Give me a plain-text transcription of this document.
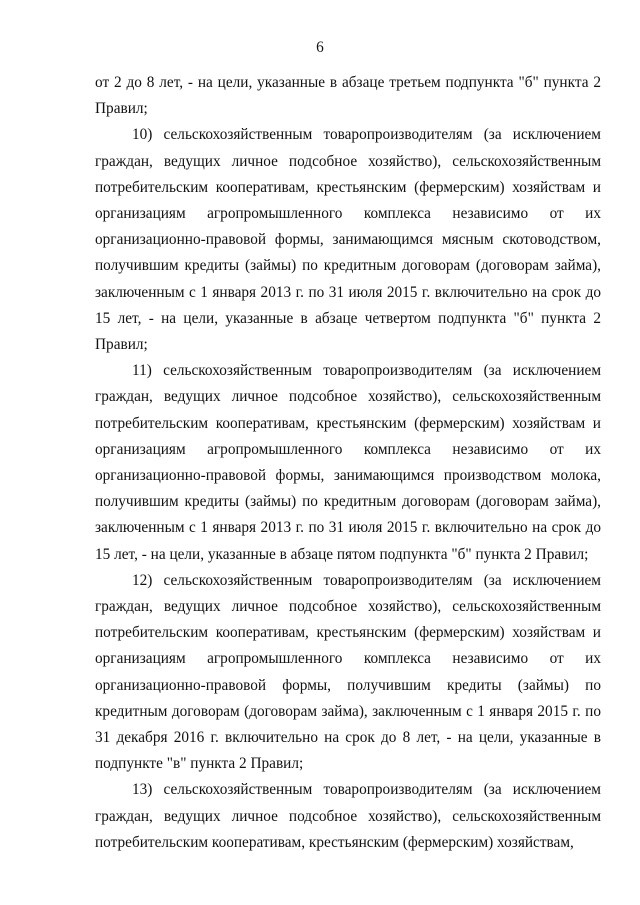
6
от 2 до 8 лет, - на цели, указанные в абзаце третьем подпункта "б" пункта 2
Правил;
10) сельскохозяйственным товаропроизводителям (за исключением
граждан, ведущих личное подсобное хозяйство), сельскохозяйственным
потребительским кооперативам, крестьянским (фермерским) хозяйствам и
организациям агропромышленного комплекса независимо от их
организационно-правовой формы, занимающимся мясным скотоводством,
получившим кредиты (займы) по кредитным договорам (договорам займа),
заключенным с 1 января 2013 г. по 31 июля 2015 г. включительно на срок до
15 лет, - на цели, указанные в абзаце четвертом подпункта "б" пункта 2
Правил;
11) сельскохозяйственным товаропроизводителям (за исключением
граждан, ведущих личное подсобное хозяйство), сельскохозяйственным
потребительским кооперативам, крестьянским (фермерским) хозяйствам и
организациям агропромышленного комплекса независимо от их
организационно-правовой формы, занимающимся производством молока,
получившим кредиты (займы) по кредитным договорам (договорам займа),
заключенным с 1 января 2013 г. по 31 июля 2015 г. включительно на срок до
15 лет, - на цели, указанные в абзаце пятом подпункта "б" пункта 2 Правил;
12) сельскохозяйственным товаропроизводителям (за исключением
граждан, ведущих личное подсобное хозяйство), сельскохозяйственным
потребительским кооперативам, крестьянским (фермерским) хозяйствам и
организациям агропромышленного комплекса независимо от их
организационно-правовой формы, получившим кредиты (займы) по
кредитным договорам (договорам займа), заключенным с 1 января 2015 г. по
31 декабря 2016 г. включительно на срок до 8 лет, - на цели, указанные в
подпункте "в" пункта 2 Правил;
13) сельскохозяйственным товаропроизводителям (за исключением
граждан, ведущих личное подсобное хозяйство), сельскохозяйственным
потребительским кооперативам, крестьянским (фермерским) хозяйствам,
